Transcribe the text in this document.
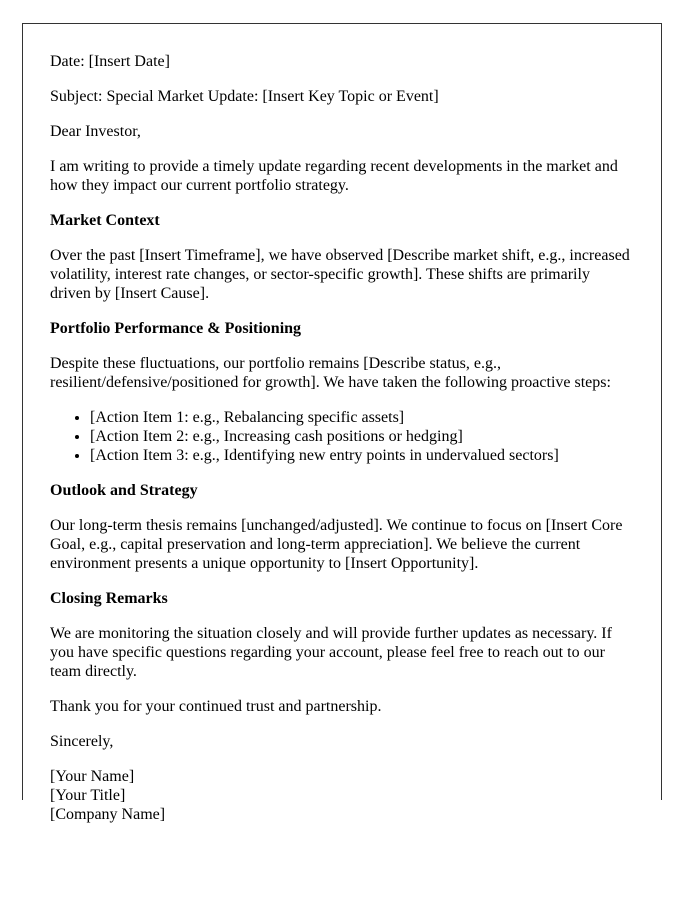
Date: [Insert Date]

Subject: Special Market Update: [Insert Key Topic or Event]

Dear Investor,

I am writing to provide a timely update regarding recent developments in the market and how they impact our current portfolio strategy.

Market Context

Over the past [Insert Timeframe], we have observed [Describe market shift, e.g., increased volatility, interest rate changes, or sector-specific growth]. These shifts are primarily driven by [Insert Cause].

Portfolio Performance & Positioning

Despite these fluctuations, our portfolio remains [Describe status, e.g., resilient/defensive/positioned for growth]. We have taken the following proactive steps:

• [Action Item 1: e.g., Rebalancing specific assets]
• [Action Item 2: e.g., Increasing cash positions or hedging]
• [Action Item 3: e.g., Identifying new entry points in undervalued sectors]

Outlook and Strategy

Our long-term thesis remains [unchanged/adjusted]. We continue to focus on [Insert Core Goal, e.g., capital preservation and long-term appreciation]. We believe the current environment presents a unique opportunity to [Insert Opportunity].

Closing Remarks

We are monitoring the situation closely and will provide further updates as necessary. If you have specific questions regarding your account, please feel free to reach out to our team directly.

Thank you for your continued trust and partnership.

Sincerely,

[Your Name]
[Your Title]
[Company Name]
